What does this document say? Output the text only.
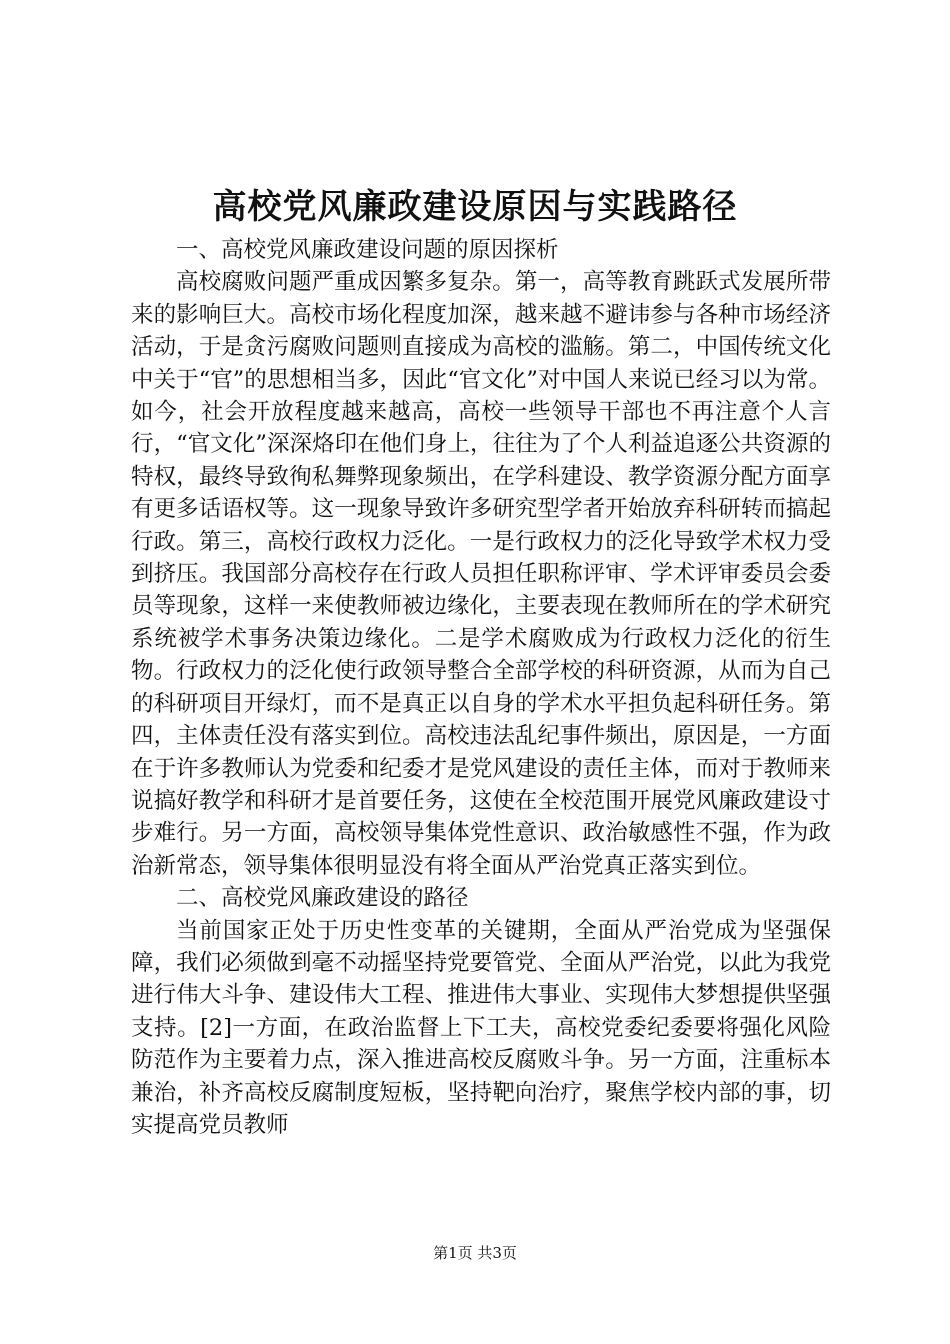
高校党风廉政建设原因与实践路径

一、高校党风廉政建设问题的原因探析

高校腐败问题严重成因繁多复杂。第一，高等教育跳跃式发展所带来的影响巨大。高校市场化程度加深，越来越不避讳参与各种市场经济活动，于是贪污腐败问题则直接成为高校的滥觞。第二，中国传统文化中关于“官”的思想相当多，因此“官文化”对中国人来说已经习以为常。如今，社会开放程度越来越高，高校一些领导干部也不再注意个人言行，“官文化”深深烙印在他们身上，往往为了个人利益追逐公共资源的特权，最终导致徇私舞弊现象频出，在学科建设、教学资源分配方面享有更多话语权等。这一现象导致许多研究型学者开始放弃科研转而搞起行政。第三，高校行政权力泛化。一是行政权力的泛化导致学术权力受到挤压。我国部分高校存在行政人员担任职称评审、学术评审委员会委员等现象，这样一来使教师被边缘化，主要表现在教师所在的学术研究系统被学术事务决策边缘化。二是学术腐败成为行政权力泛化的衍生物。行政权力的泛化使行政领导整合全部学校的科研资源，从而为自己的科研项目开绿灯，而不是真正以自身的学术水平担负起科研任务。第四，主体责任没有落实到位。高校违法乱纪事件频出，原因是，一方面在于许多教师认为党委和纪委才是党风建设的责任主体，而对于教师来说搞好教学和科研才是首要任务，这使在全校范围开展党风廉政建设寸步难行。另一方面，高校领导集体党性意识、政治敏感性不强，作为政治新常态，领导集体很明显没有将全面从严治党真正落实到位。

二、高校党风廉政建设的路径

当前国家正处于历史性变革的关键期，全面从严治党成为坚强保障，我们必须做到毫不动摇坚持党要管党、全面从严治党，以此为我党进行伟大斗争、建设伟大工程、推进伟大事业、实现伟大梦想提供坚强支持。[2]一方面，在政治监督上下工夫，高校党委纪委要将强化风险防范作为主要着力点，深入推进高校反腐败斗争。另一方面，注重标本兼治，补齐高校反腐制度短板，坚持靶向治疗，聚焦学校内部的事，切实提高党员教师

第1页 共3页
